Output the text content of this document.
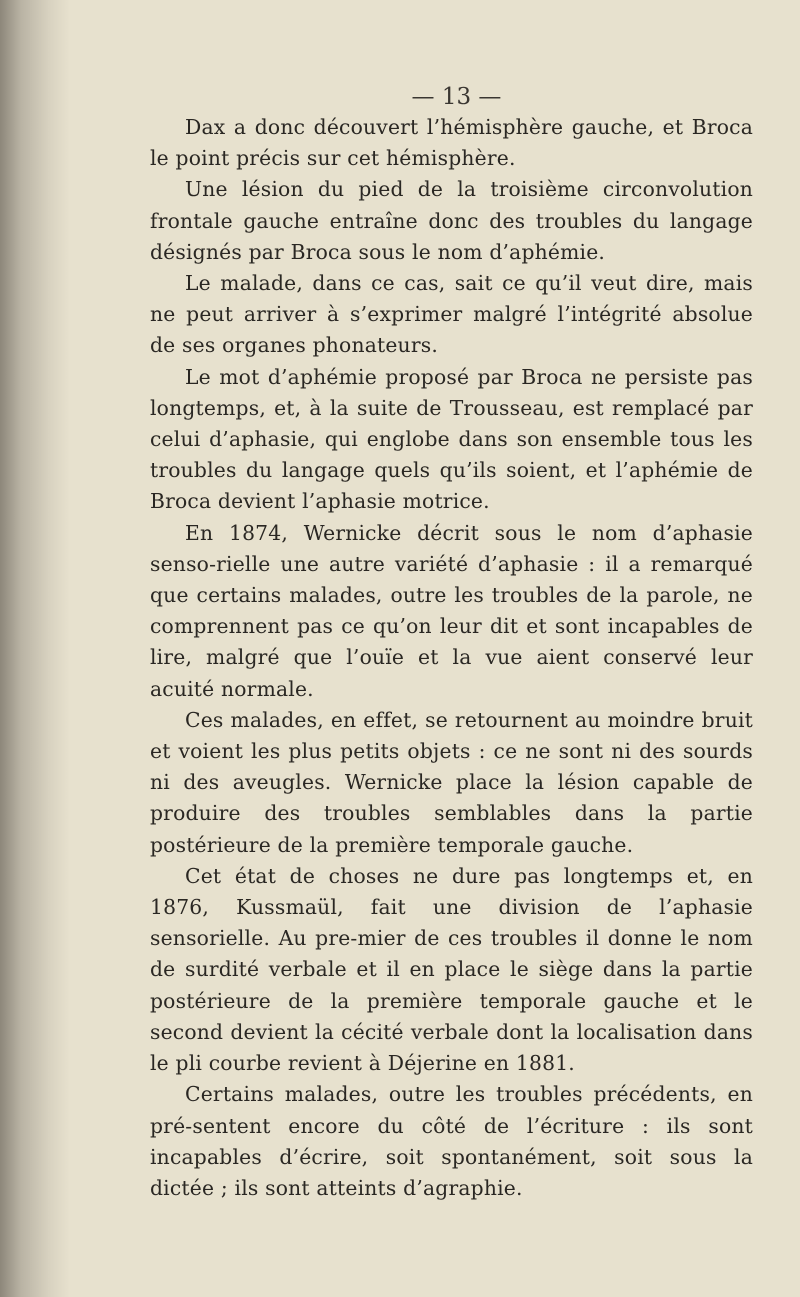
— 13 —

Dax a donc découvert l’hémisphère gauche, et Broca le point précis sur cet hémisphère.

Une lésion du pied de la troisième circonvolution frontale gauche entraîne donc des troubles du langage désignés par Broca sous le nom d’aphémie.

Le malade, dans ce cas, sait ce qu’il veut dire, mais ne peut arriver à s’exprimer malgré l’intégrité absolue de ses organes phonateurs.

Le mot d’aphémie proposé par Broca ne persiste pas longtemps, et, à la suite de Trousseau, est remplacé par celui d’aphasie, qui englobe dans son ensemble tous les troubles du langage quels qu’ils soient, et l’aphémie de Broca devient l’aphasie motrice.

En 1874, Wernicke décrit sous le nom d’aphasie senso-rielle une autre variété d’aphasie : il a remarqué que certains malades, outre les troubles de la parole, ne comprennent pas ce qu’on leur dit et sont incapables de lire, malgré que l’ouïe et la vue aient conservé leur acuité normale.

Ces malades, en effet, se retournent au moindre bruit et voient les plus petits objets : ce ne sont ni des sourds ni des aveugles. Wernicke place la lésion capable de produire des troubles semblables dans la partie postérieure de la première temporale gauche.

Cet état de choses ne dure pas longtemps et, en 1876, Kussmaül, fait une division de l’aphasie sensorielle. Au pre-mier de ces troubles il donne le nom de surdité verbale et il en place le siège dans la partie postérieure de la première temporale gauche et le second devient la cécité verbale dont la localisation dans le pli courbe revient à Déjerine en 1881.

Certains malades, outre les troubles précédents, en pré-sentent encore du côté de l’écriture : ils sont incapables d’écrire, soit spontanément, soit sous la dictée ; ils sont atteints d’agraphie.
